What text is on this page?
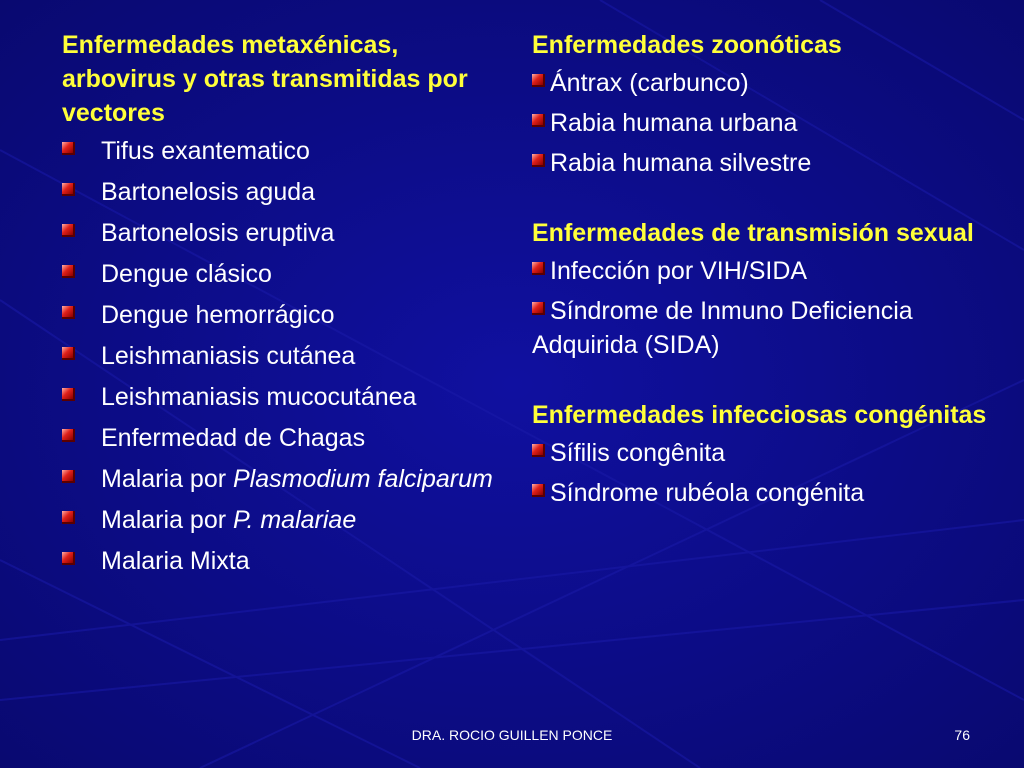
Enfermedades metaxénicas, arbovirus y otras transmitidas por vectores

Tifus exantematico
Bartonelosis aguda
Bartonelosis eruptiva
Dengue clásico
Dengue hemorrágico
Leishmaniasis cutánea
Leishmaniasis mucocutánea
Enfermedad de Chagas
Malaria por Plasmodium falciparum
Malaria por P. malariae
Malaria Mixta

Enfermedades zoonóticas

Ántrax (carbunco)
Rabia humana urbana
Rabia humana silvestre

Enfermedades de transmisión sexual

Infección por VIH/SIDA
Síndrome de Inmuno Deficiencia Adquirida (SIDA)

Enfermedades infecciosas congénitas

Sífilis congênita
Síndrome rubéola congénita
DRA. ROCIO GUILLEN PONCE	76
